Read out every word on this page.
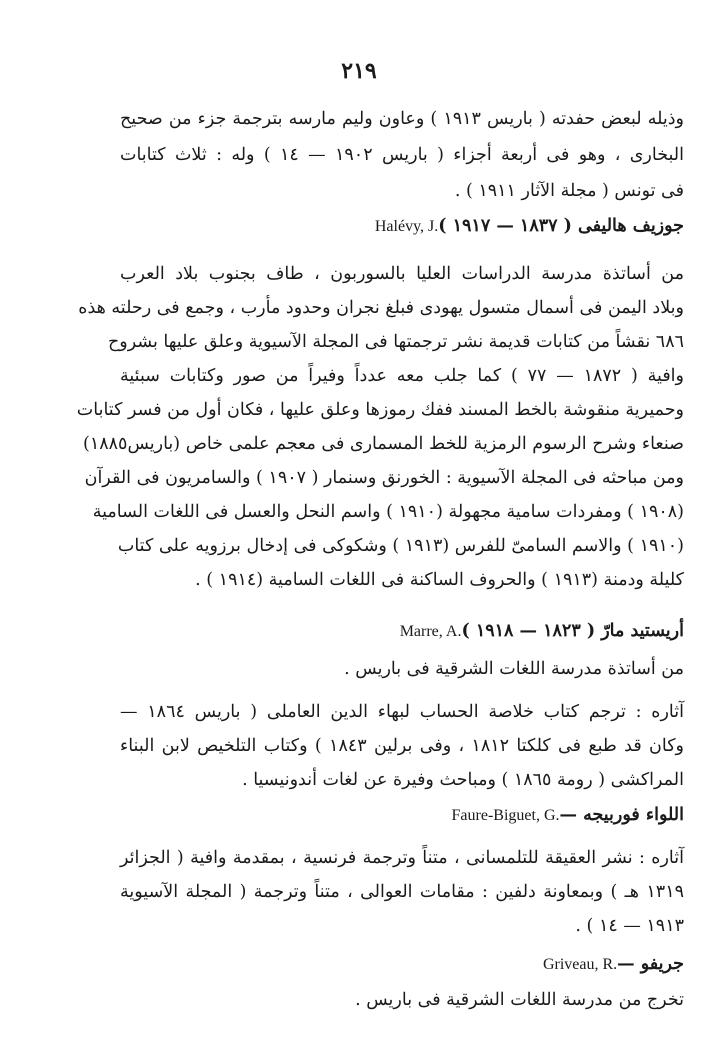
٢١٩
وذيله لبعض حفدته ( باريس ١٩١٣ ) وعاون وليم مارسه بترجمة جزء من صحيح
البخارى ، وهو فى أربعة أجزاء ( باريس ١٩٠٢ — ١٤ ) وله : ثلاث كتابات
فى تونس ( مجلة الآثار ١٩١١ ) .
جوزيف هاليفى ( ١٨٣٧ — ١٩١٧ )Halévy, J.
من أساتذة مدرسة الدراسات العليا بالسوربون ، طاف بجنوب بلاد العرب
وبلاد اليمن فى أسمال متسول يهودى فبلغ نجران وحدود مأرب ، وجمع فى رحلته هذه
٦٨٦ نقشاً من كتابات قديمة نشر ترجمتها فى المجلة الآسيوية وعلق عليها بشروح
وافية ( ١٨٧٢ — ٧٧ ) كما جلب معه عدداً وفيراً من صور وكتابات سبئية
وحميرية منقوشة بالخط المسند ففك رموزها وعلق عليها ، فكان أول من فسر كتابات
صنعاء وشرح الرسوم الرمزية للخط المسمارى فى معجم علمى خاص (باريس١٨٨٥)
ومن مباحثه فى المجلة الآسيوية : الخورنق وسنمار ( ١٩٠٧ ) والسامريون فى القرآن
(١٩٠٨ ) ومفردات سامية مجهولة (١٩١٠ ) واسم النحل والعسل فى اللغات السامية
(١٩١٠ ) والاسم السامىّ للفرس (١٩١٣ ) وشكوكى فى إدخال برزويه على كتاب
كليلة ودمنة (١٩١٣ ) والحروف الساكنة فى اللغات السامية (١٩١٤ ) .
أريستيد مارّ ( ١٨٢٣ — ١٩١٨ )Marre, A.
من أساتذة مدرسة اللغات الشرقية فى باريس .
آثاره : ترجم كتاب خلاصة الحساب لبهاء الدين العاملى ( باريس ١٨٦٤ —
وكان قد طبع فى كلكتا ١٨١٢ ، وفى برلين ١٨٤٣ ) وكتاب التلخيص لابن البناء
المراكشى ( رومة ١٨٦٥ ) ومباحث وفيرة عن لغات أندونيسيا .
اللواء فوربيجه —Faure-Biguet, G.
آثاره : نشر العقيقة للتلمسانى ، متناً وترجمة فرنسية ، بمقدمة وافية ( الجزائر
١٣١٩ هـ ) وبمعاونة دلفين : مقامات العوالى ، متناً وترجمة ( المجلة الآسيوية
١٩١٣ — ١٤ ) .
جريفو —Griveau, R.
تخرج من مدرسة اللغات الشرقية فى باريس .
